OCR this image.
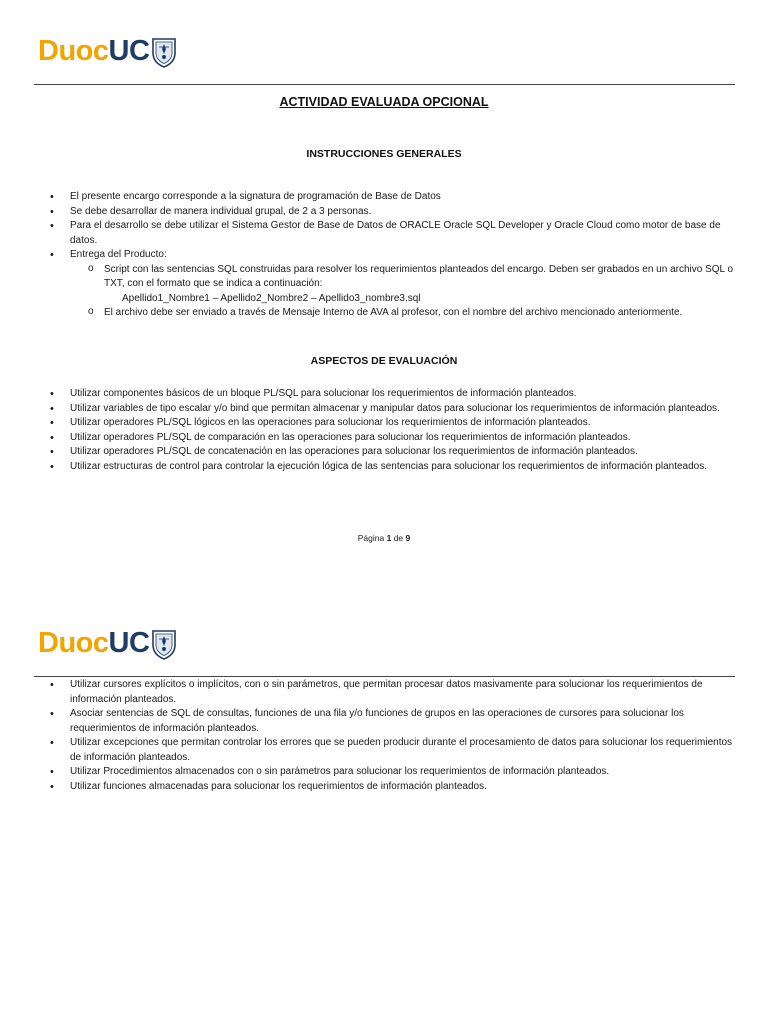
Duoc UC
ACTIVIDAD EVALUADA OPCIONAL
INSTRUCCIONES GENERALES
• El presente encargo corresponde a la signatura de programación de Base de Datos
• Se debe desarrollar de manera individual grupal, de 2 a 3 personas.
• Para el desarrollo se debe utilizar el Sistema Gestor de Base de Datos de ORACLE Oracle SQL Developer y Oracle Cloud como motor de base de datos.
• Entrega del Producto:
o Script con las sentencias SQL construidas para resolver los requerimientos planteados del encargo. Deben ser grabados en un archivo SQL o TXT, con el formato que se indica a continuación:
Apellido1_Nombre1 – Apellido2_Nombre2 – Apellido3_nombre3.sql
o El archivo debe ser enviado a través de Mensaje Interno de AVA al profesor, con el nombre del archivo mencionado anteriormente.
ASPECTOS DE EVALUACIÓN
• Utilizar componentes básicos de un bloque PL/SQL para solucionar los requerimientos de información planteados.
• Utilizar variables de tipo escalar y/o bind que permitan almacenar y manipular datos para solucionar los requerimientos de información planteados.
• Utilizar operadores PL/SQL lógicos en las operaciones para solucionar los requerimientos de información planteados.
• Utilizar operadores PL/SQL de comparación en las operaciones para solucionar los requerimientos de información planteados.
• Utilizar operadores PL/SQL de concatenación en las operaciones para solucionar los requerimientos de información planteados.
• Utilizar estructuras de control para controlar la ejecución lógica de las sentencias para solucionar los requerimientos de información planteados.
Página 1 de 9
Duoc UC
• Utilizar cursores explícitos o implícitos, con o sin parámetros, que permitan procesar datos masivamente para solucionar los requerimientos de información planteados.
• Asociar sentencias de SQL de consultas, funciones de una fila y/o funciones de grupos en las operaciones de cursores para solucionar los requerimientos de información planteados.
• Utilizar excepciones que permitan controlar los errores que se pueden producir durante el procesamiento de datos para solucionar los requerimientos de información planteados.
• Utilizar Procedimientos almacenados con o sin parámetros para solucionar los requerimientos de información planteados.
• Utilizar funciones almacenadas para solucionar los requerimientos de información planteados.
